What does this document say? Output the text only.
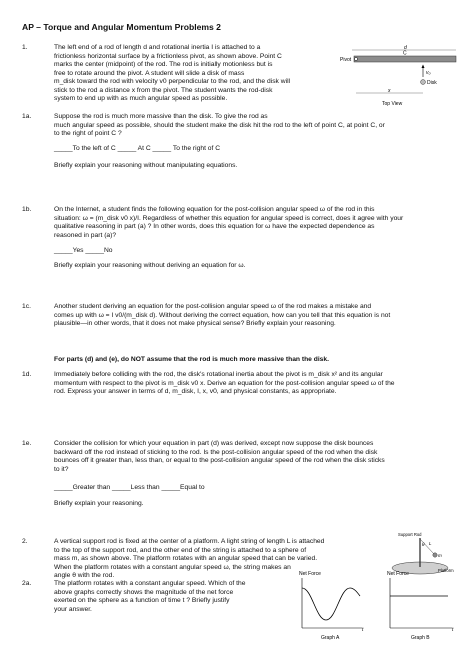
AP – Torque and Angular Momentum Problems 2
1.	The left end of a rod of length d and rotational inertia I is attached to a
frictionless horizontal surface by a frictionless pivot, as shown above. Point C
marks the center (midpoint) of the rod. The rod is initially motionless but is
free to rotate around the pivot. A student will slide a disk of mass
m_disk toward the rod with velocity v0 perpendicular to the rod, and the disk will
stick to the rod a distance x from the pivot. The student wants the rod-disk
system to end up with as much angular speed as possible.
d
Pivot
C
v₀
Disk
x
Top View
1a.	Suppose the rod is much more massive than the disk. To give the rod as
much angular speed as possible, should the student make the disk hit the rod to the left of point C, at point C, or
to the right of point C ?
_____To the left of C _____ At C _____ To the right of C
Briefly explain your reasoning without manipulating equations.
1b.	On the Internet, a student finds the following equation for the post-collision angular speed ω of the rod in this
situation: ω = (m_disk v0 x)/I. Regardless of whether this equation for angular speed is correct, does it agree with your
qualitative reasoning in part (a) ? In other words, does this equation for ω have the expected dependence as
reasoned in part (a)?
_____Yes _____No
Briefly explain your reasoning without deriving an equation for ω.
1c.	Another student deriving an equation for the post-collision angular speed ω of the rod makes a mistake and
comes up with ω = I v0/(m_disk d). Without deriving the correct equation, how can you tell that this equation is not
plausible—in other words, that it does not make physical sense? Briefly explain your reasoning.
For parts (d) and (e), do NOT assume that the rod is much more massive than the disk.
1d.	Immediately before colliding with the rod, the disk's rotational inertia about the pivot is m_disk x² and its angular
momentum with respect to the pivot is m_disk v0 x. Derive an equation for the post-collision angular speed ω of the
rod. Express your answer in terms of d, m_disk, I, x, v0, and physical constants, as appropriate.
1e.	Consider the collision for which your equation in part (d) was derived, except now suppose the disk bounces
backward off the rod instead of sticking to the rod. Is the post-collision angular speed of the rod when the disk
bounces off it greater than, less than, or equal to the post-collision angular speed of the rod when the disk sticks
to it?
_____Greater than _____Less than _____Equal to
Briefly explain your reasoning.
2.	A vertical support rod is fixed at the center of a platform. A light string of length L is attached
to the top of the support rod, and the other end of the string is attached to a sphere of
mass m, as shown above. The platform rotates with an angular speed that can be varied.
When the platform rotates with a constant angular speed ω, the string makes an
angle θ with the rod.
Support Rod
θ L
m
Platform
2a.	The platform rotates with a constant angular speed. Which of the
above graphs correctly shows the magnitude of the net force
exerted on the sphere as a function of time t ? Briefly justify
your answer.
Net Force
t
Graph A
Net Force
t
Graph B
